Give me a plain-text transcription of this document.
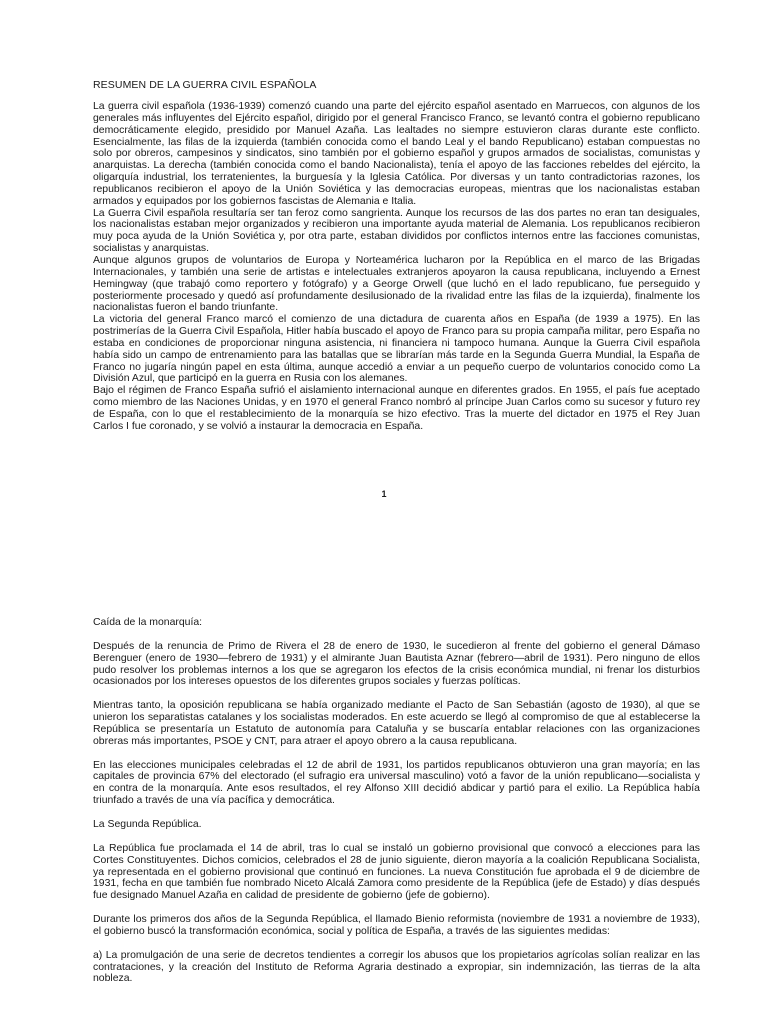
RESUMEN DE LA GUERRA CIVIL ESPAÑOLA

La guerra civil española (1936-1939) comenzó cuando una parte del ejército español asentado en Marruecos, con algunos de los generales más influyentes del Ejército español, dirigido por el general Francisco Franco, se levantó contra el gobierno republicano democráticamente elegido, presidido por Manuel Azaña. Las lealtades no siempre estuvieron claras durante este conflicto. Esencialmente, las filas de la izquierda (también conocida como el bando Leal y el bando Republicano) estaban compuestas no solo por obreros, campesinos y sindicatos, sino también por el gobierno español y grupos armados de socialistas, comunistas y anarquistas. La derecha (también conocida como el bando Nacionalista), tenía el apoyo de las facciones rebeldes del ejército, la oligarquía industrial, los terratenientes, la burguesía y la Iglesia Católica. Por diversas y un tanto contradictorias razones, los republicanos recibieron el apoyo de la Unión Soviética y las democracias europeas, mientras que los nacionalistas estaban armados y equipados por los gobiernos fascistas de Alemania e Italia.

La Guerra Civil española resultaría ser tan feroz como sangrienta. Aunque los recursos de las dos partes no eran tan desiguales, los nacionalistas estaban mejor organizados y recibieron una importante ayuda material de Alemania. Los republicanos recibieron muy poca ayuda de la Unión Soviética y, por otra parte, estaban divididos por conflictos internos entre las facciones comunistas, socialistas y anarquistas.

Aunque algunos grupos de voluntarios de Europa y Norteamérica lucharon por la República en el marco de las Brigadas Internacionales, y también una serie de artistas e intelectuales extranjeros apoyaron la causa republicana, incluyendo a Ernest Hemingway (que trabajó como reportero y fotógrafo) y a George Orwell (que luchó en el lado republicano, fue perseguido y posteriormente procesado y quedó así profundamente desilusionado de la rivalidad entre las filas de la izquierda), finalmente los nacionalistas fueron el bando triunfante.

La victoria del general Franco marcó el comienzo de una dictadura de cuarenta años en España (de 1939 a 1975). En las postrimerías de la Guerra Civil Española, Hitler había buscado el apoyo de Franco para su propia campaña militar, pero España no estaba en condiciones de proporcionar ninguna asistencia, ni financiera ni tampoco humana. Aunque la Guerra Civil española había sido un campo de entrenamiento para las batallas que se librarían más tarde en la Segunda Guerra Mundial, la España de Franco no jugaría ningún papel en esta última, aunque accedió a enviar a un pequeño cuerpo de voluntarios conocido como La División Azul, que participó en la guerra en Rusia con los alemanes.

Bajo el régimen de Franco España sufrió el aislamiento internacional aunque en diferentes grados. En 1955, el país fue aceptado como miembro de las Naciones Unidas, y en 1970 el general Franco nombró al príncipe Juan Carlos como su sucesor y futuro rey de España, con lo que el restablecimiento de la monarquía se hizo efectivo. Tras la muerte del dictador en 1975 el Rey Juan Carlos I fue coronado, y se volvió a instaurar la democracia en España.

1

Caída de la monarquía:

Después de la renuncia de Primo de Rivera el 28 de enero de 1930, le sucedieron al frente del gobierno el general Dámaso Berenguer (enero de 1930—febrero de 1931) y el almirante Juan Bautista Aznar (febrero—abril de 1931). Pero ninguno de ellos pudo resolver los problemas internos a los que se agregaron los efectos de la crisis económica mundial, ni frenar los disturbios ocasionados por los intereses opuestos de los diferentes grupos sociales y fuerzas políticas.

Mientras tanto, la oposición republicana se había organizado mediante el Pacto de San Sebastián (agosto de 1930), al que se unieron los separatistas catalanes y los socialistas moderados. En este acuerdo se llegó al compromiso de que al establecerse la República se presentaría un Estatuto de autonomía para Cataluña y se buscaría entablar relaciones con las organizaciones obreras más importantes, PSOE y CNT, para atraer el apoyo obrero a la causa republicana.

En las elecciones municipales celebradas el 12 de abril de 1931, los partidos republicanos obtuvieron una gran mayoría; en las capitales de provincia 67% del electorado (el sufragio era universal masculino) votó a favor de la unión republicano—socialista y en contra de la monarquía. Ante esos resultados, el rey Alfonso XIII decidió abdicar y partió para el exilio. La República había triunfado a través de una vía pacífica y democrática.

La Segunda República.

La República fue proclamada el 14 de abril, tras lo cual se instaló un gobierno provisional que convocó a elecciones para las Cortes Constituyentes. Dichos comicios, celebrados el 28 de junio siguiente, dieron mayoría a la coalición Republicana Socialista, ya representada en el gobierno provisional que continuó en funciones. La nueva Constitución fue aprobada el 9 de diciembre de 1931, fecha en que también fue nombrado Niceto Alcalá Zamora como presidente de la República (jefe de Estado) y días después fue designado Manuel Azaña en calidad de presidente de gobierno (jefe de gobierno).

Durante los primeros dos años de la Segunda República, el llamado Bienio reformista (noviembre de 1931 a noviembre de 1933), el gobierno buscó la transformación económica, social y política de España, a través de las siguientes medidas:

a) La promulgación de una serie de decretos tendientes a corregir los abusos que los propietarios agrícolas solían realizar en las contrataciones, y la creación del Instituto de Reforma Agraria destinado a expropiar, sin indemnización, las tierras de la alta nobleza.
